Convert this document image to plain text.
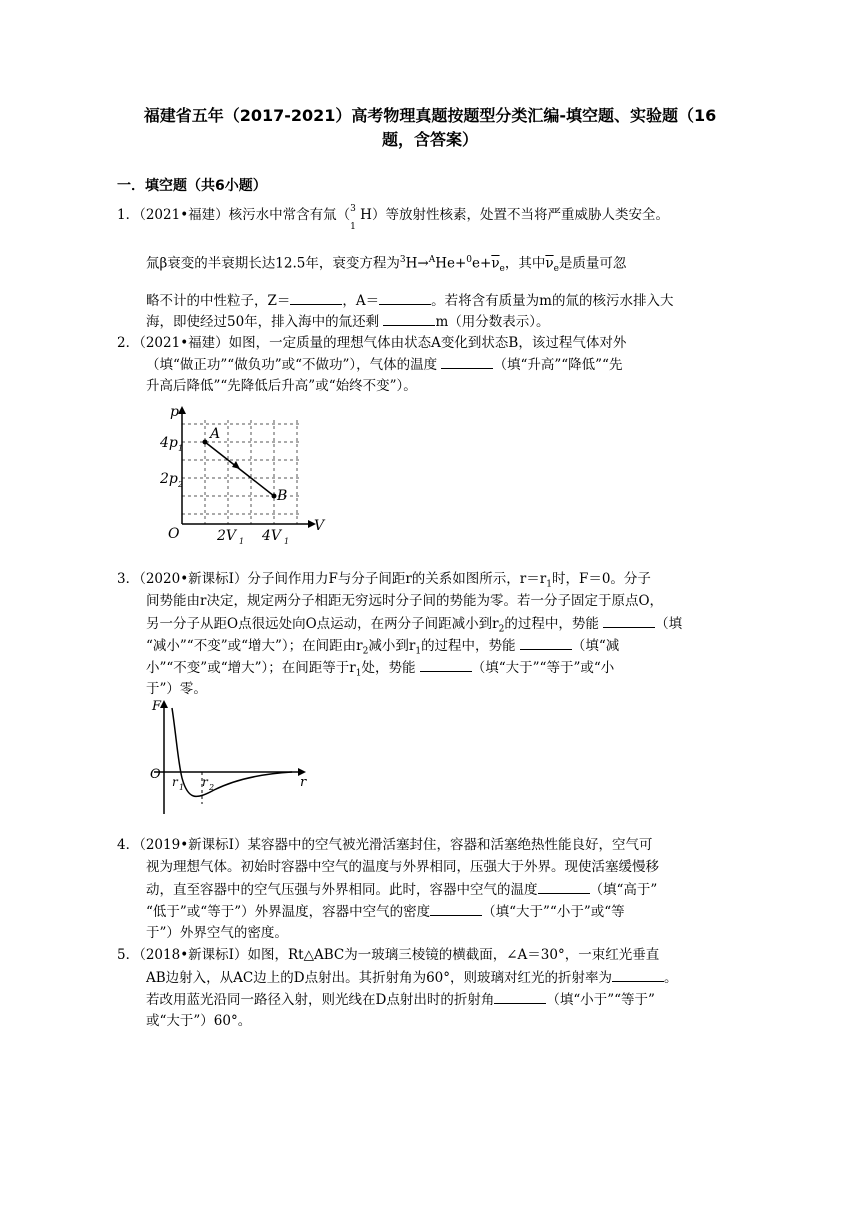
福建省五年（2017-2021）高考物理真题按题型分类汇编-填空题、实验题（16
题，含答案）
一．填空题（共6小题）
1．（2021•福建）核污水中常含有氚（ 3
1
H）等放射性核素，处置不当将严重威胁人类安全。
氚β衰变的半衰期长达12.5年，衰变方程为$^3H\to^AHe+^0e+\overline{\nu}_e$，其中$\overline{\nu}_e$是质量可忽
略不计的中性粒子，Z＝	，A＝	。若将含有质量为m的氚的核污水排入大
海，即使经过50年，排入海中的氚还剩	m（用分数表示）。
2．（2021•福建）如图，一定质量的理想气体由状态A变化到状态B，该过程气体对外
（填“做正功”“做负功”或“不做功”），气体的温度	（填“升高”“降低”“先
升高后降低”“先降低后升高”或“始终不变”）。
p
V
O
A
B
4p 1
2p 2
2V 1 4V 1
3．（2020•新课标Ⅰ）分子间作用力F与分子间距r的关系如图所示，$r=r_1$时，F＝0。分子
间势能由r决定，规定两分子相距无穷远时分子间的势能为零。若一分子固定于原点O，
另一分子从距O点很远处向O点运动，在两分子间距减小到$r_2$的过程中，势能	（填
“减小”“不变”或“增大”）；在间距由$r_2$减小到$r_1$的过程中，势能	（填“减
小”“不变”或“增大”）；在间距等于$r_1$处，势能	（填“大于”“等于”或“小
于”）零。
F
r
O r 1 r 2
4．（2019•新课标Ⅰ）某容器中的空气被光滑活塞封住，容器和活塞绝热性能良好，空气可
视为理想气体。初始时容器中空气的温度与外界相同，压强大于外界。现使活塞缓慢移
动，直至容器中的空气压强与外界相同。此时，容器中空气的温度	（填“高于”
“低于”或“等于”）外界温度，容器中空气的密度	（填“大于”“小于”或“等
于”）外界空气的密度。
5．（2018•新课标Ⅰ）如图，Rt△ABC为一玻璃三棱镜的横截面，∠A＝30°，一束红光垂直
AB边射入，从AC边上的D点射出。其折射角为60°，则玻璃对红光的折射率为	。
若改用蓝光沿同一路径入射，则光线在D点射出时的折射角	（填“小于”“等于”
或“大于”）60°。
